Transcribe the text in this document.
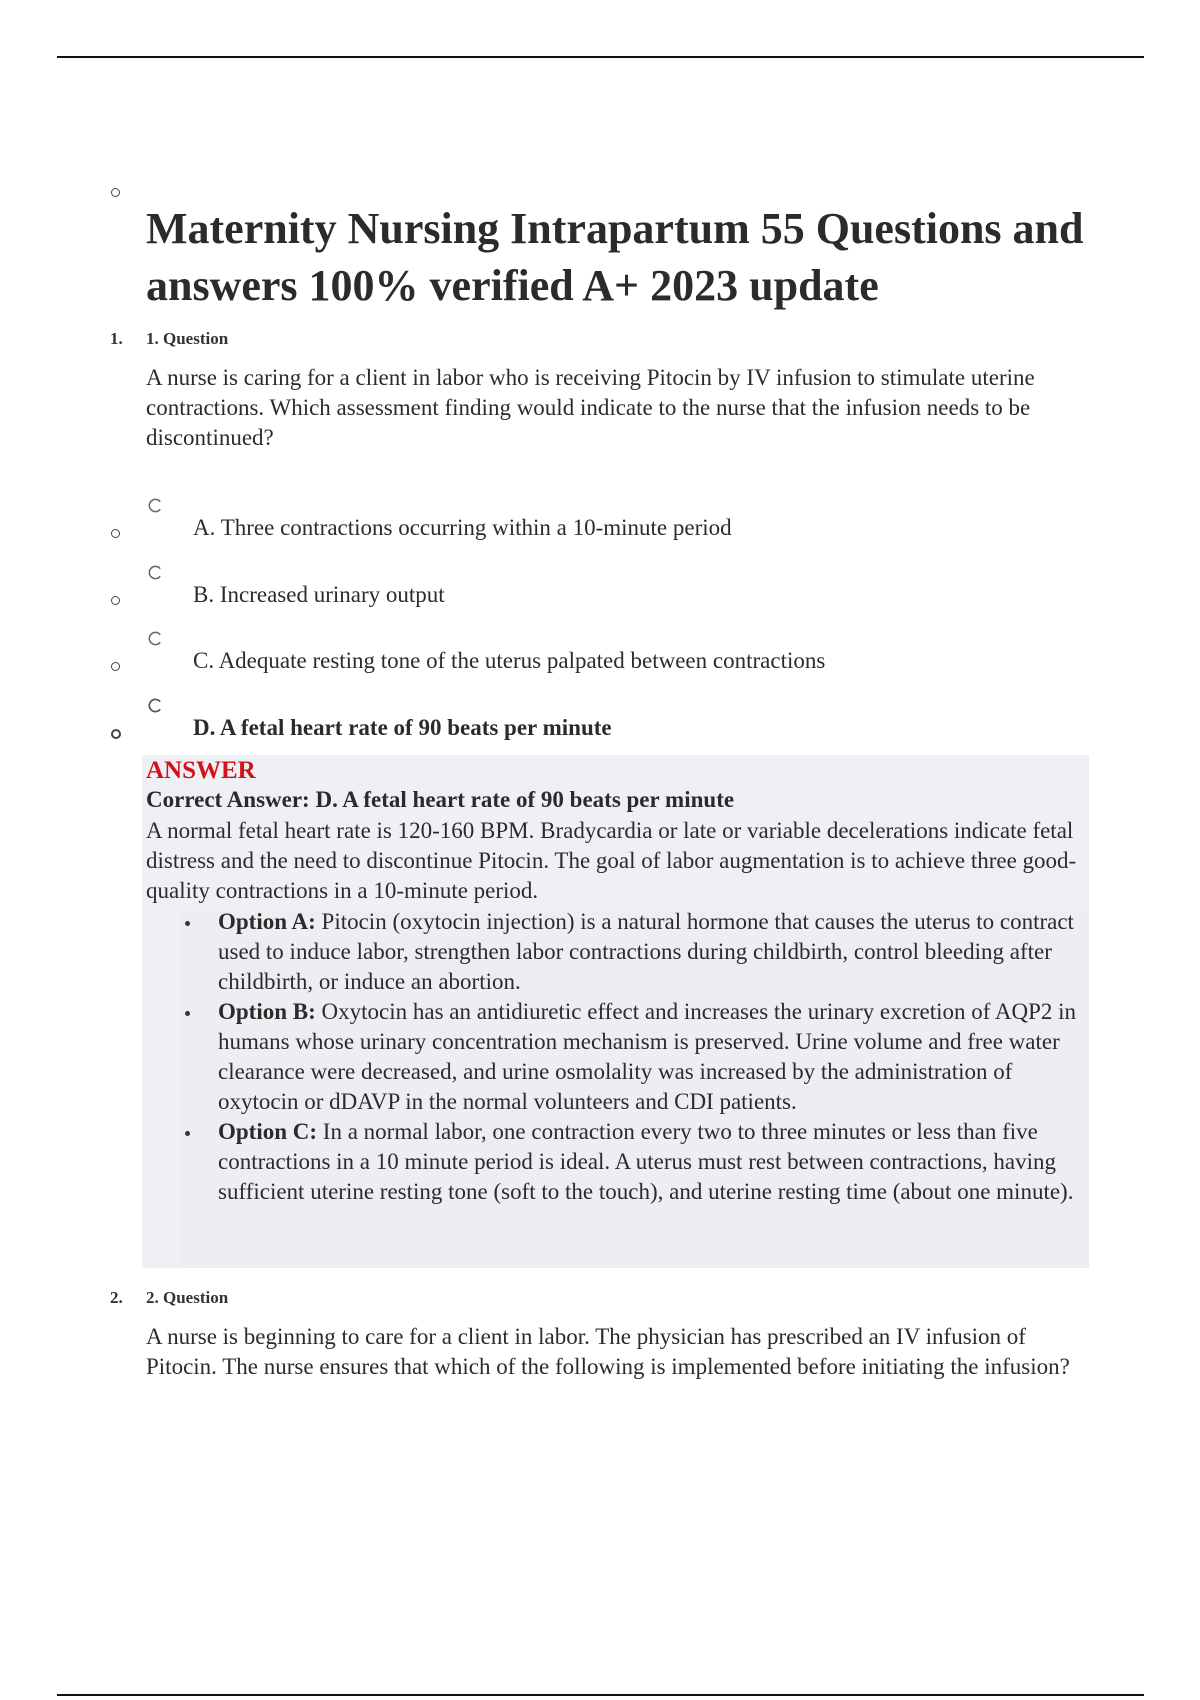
Maternity Nursing Intrapartum 55 Questions and answers 100% verified A+ 2023 update
1. 1. Question

A nurse is caring for a client in labor who is receiving Pitocin by IV infusion to stimulate uterine contractions. Which assessment finding would indicate to the nurse that the infusion needs to be discontinued?

A. Three contractions occurring within a 10-minute period
B. Increased urinary output
C. Adequate resting tone of the uterus palpated between contractions
D. A fetal heart rate of 90 beats per minute
ANSWER
Correct Answer: D. A fetal heart rate of 90 beats per minute

A normal fetal heart rate is 120-160 BPM. Bradycardia or late or variable decelerations indicate fetal distress and the need to discontinue Pitocin. The goal of labor augmentation is to achieve three good-quality contractions in a 10-minute period.

Option A: Pitocin (oxytocin injection) is a natural hormone that causes the uterus to contract used to induce labor, strengthen labor contractions during childbirth, control bleeding after childbirth, or induce an abortion.
Option B: Oxytocin has an antidiuretic effect and increases the urinary excretion of AQP2 in humans whose urinary concentration mechanism is preserved. Urine volume and free water clearance were decreased, and urine osmolality was increased by the administration of oxytocin or dDAVP in the normal volunteers and CDI patients.
Option C: In a normal labor, one contraction every two to three minutes or less than five contractions in a 10 minute period is ideal. A uterus must rest between contractions, having sufficient uterine resting tone (soft to the touch), and uterine resting time (about one minute).
2. 2. Question

A nurse is beginning to care for a client in labor. The physician has prescribed an IV infusion of Pitocin. The nurse ensures that which of the following is implemented before initiating the infusion?
